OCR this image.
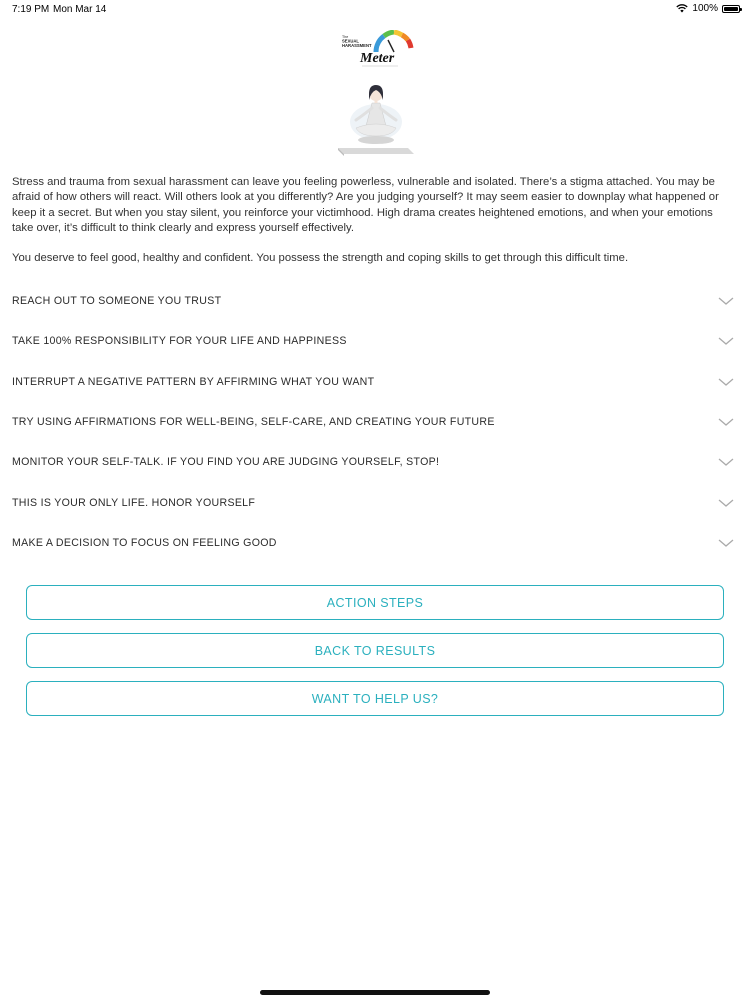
7:19 PM Mon Mar 14	100%
The
SEXUAL
HARASSMENT
Meter

Stress and trauma from sexual harassment can leave you feeling powerless, vulnerable and isolated. There’s a stigma attached. You may be afraid of how others will react. Will others look at you differently? Are you judging yourself? It may seem easier to downplay what happened or keep it a secret. But when you stay silent, you reinforce your victimhood. High drama creates heightened emotions, and when your emotions take over, it’s difficult to think clearly and express yourself effectively.

You deserve to feel good, healthy and confident. You possess the strength and coping skills to get through this difficult time.

REACH OUT TO SOMEONE YOU TRUST
TAKE 100% RESPONSIBILITY FOR YOUR LIFE AND HAPPINESS
INTERRUPT A NEGATIVE PATTERN BY AFFIRMING WHAT YOU WANT
TRY USING AFFIRMATIONS FOR WELL-BEING, SELF-CARE, AND CREATING YOUR FUTURE
MONITOR YOUR SELF-TALK. IF YOU FIND YOU ARE JUDGING YOURSELF, STOP!
THIS IS YOUR ONLY LIFE. HONOR YOURSELF
MAKE A DECISION TO FOCUS ON FEELING GOOD
ACTION STEPS
BACK TO RESULTS
WANT TO HELP US?
